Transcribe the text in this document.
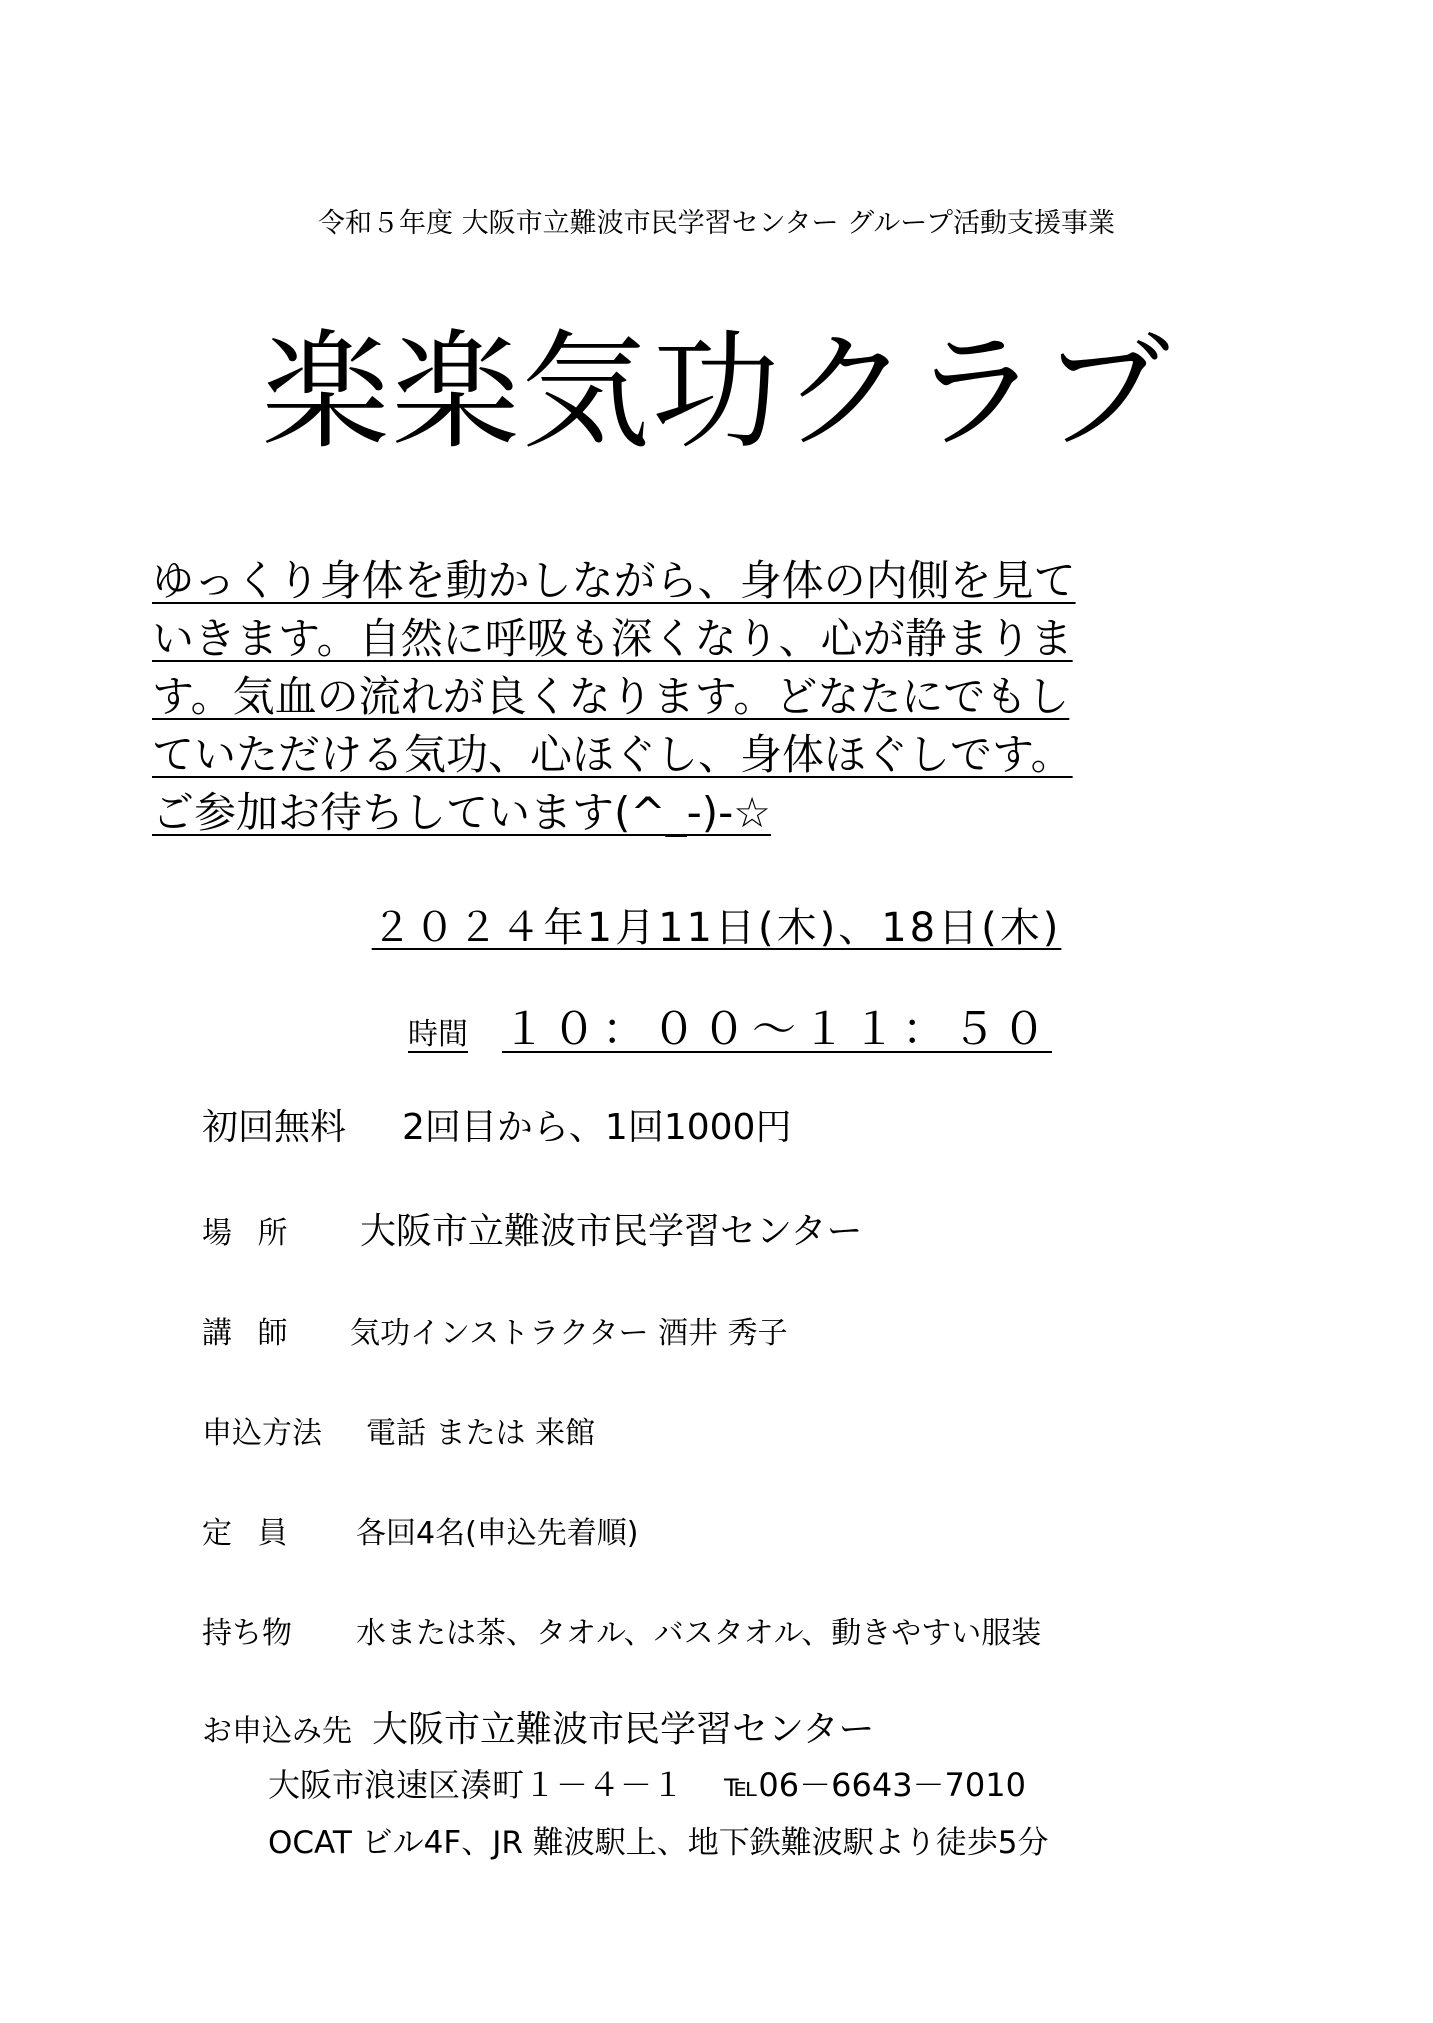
令和５年度 大阪市立難波市民学習センター グループ活動支援事業
楽楽気功クラブ
ゆっくり身体を動かしながら、身体の内側を見て
いきます。自然に呼吸も深くなり、心が静まりま
す。気血の流れが良くなります。どなたにでもし
ていただける気功、心ほぐし、身体ほぐしです。
ご参加お待ちしています(^_-)-☆
２０２４年1月11日(木)、18日(木)
時間 １０：００～１１：５０
初回無料 2回目から、1回1000円
場 所 大阪市立難波市民学習センター
講 師 気功インストラクター 酒井 秀子
申込方法 電話 または 来館
定 員 各回4名(申込先着順)
持ち物 水または茶、タオル、バスタオル、動きやすい服装
お申込み先 大阪市立難波市民学習センター
大阪市浪速区湊町１－４－１ ℡06－6643－7010
OCAT ビル4F、JR 難波駅上、地下鉄難波駅より徒歩5分
